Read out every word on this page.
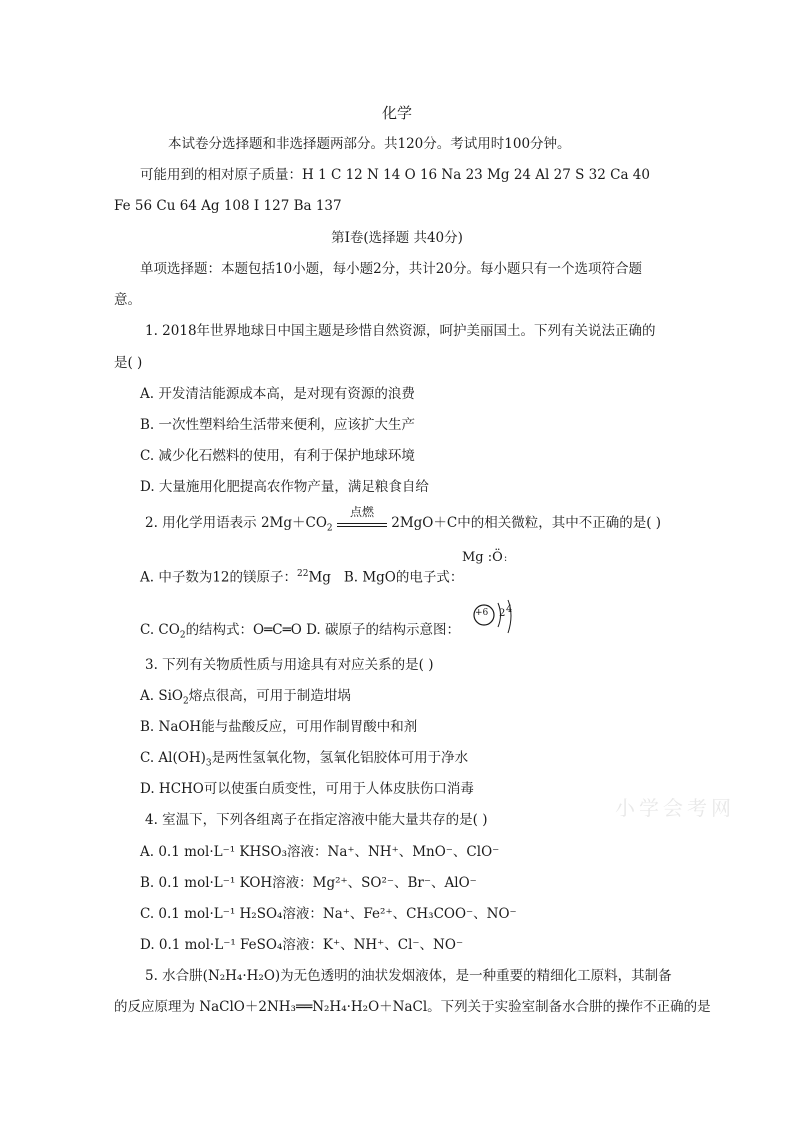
化学
本试卷分选择题和非选择题两部分。共120分。考试用时100分钟。
可能用到的相对原子质量：H 1 C 12 N 14 O 16 Na 23 Mg 24 Al 27 S 32 Ca 40
Fe 56 Cu 64 Ag 108 I 127 Ba 137
第Ⅰ卷(选择题 共40分)
单项选择题：本题包括10小题，每小题2分，共计20分。每小题只有一个选项符合题
意。
1. 2018年世界地球日中国主题是珍惜自然资源，呵护美丽国土。下列有关说法正确的
是( )
A. 开发清洁能源成本高，是对现有资源的浪费
B. 一次性塑料给生活带来便利，应该扩大生产
C. 减少化石燃料的使用，有利于保护地球环境
D. 大量施用化肥提高农作物产量，满足粮食自给
2. 用化学用语表示 $2Mg+CO_2$
点燃
2MgO＋C中的相关微粒，其中不正确的是( )
A. 中子数为12的镁原子：$^{22}$Mg B. MgO的电子式：
Mg :Ö:
C. $CO_2$的结构式：O═C═O D. 碳原子的结构示意图：
+6 2 4
3. 下列有关物质性质与用途具有对应关系的是( )
A. SiO$_2$熔点很高，可用于制造坩埚
B. NaOH能与盐酸反应，可用作制胃酸中和剂
C. $Al(OH)_3$是两性氢氧化物，氢氧化铝胶体可用于净水
D. HCHO可以使蛋白质变性，可用于人体皮肤伤口消毒
4. 室温下，下列各组离子在指定溶液中能大量共存的是( )
A. 0.1 mol·L⁻¹ KHSO₃溶液：Na⁺、NH⁺、MnO⁻、ClO⁻
B. 0.1 mol·L⁻¹ KOH溶液：Mg²⁺、SO²⁻、Br⁻、AlO⁻
C. 0.1 mol·L⁻¹ H₂SO₄溶液：Na⁺、Fe²⁺、CH₃COO⁻、NO⁻
D. 0.1 mol·L⁻¹ FeSO₄溶液：K⁺、NH⁺、Cl⁻、NO⁻
5. 水合肼(N₂H₄·H₂O)为无色透明的油状发烟液体，是一种重要的精细化工原料，其制备
的反应原理为 NaClO＋2NH₃══N₂H₄·H₂O＋NaCl。下列关于实验室制备水合肼的操作不正确的是
小学会考网
